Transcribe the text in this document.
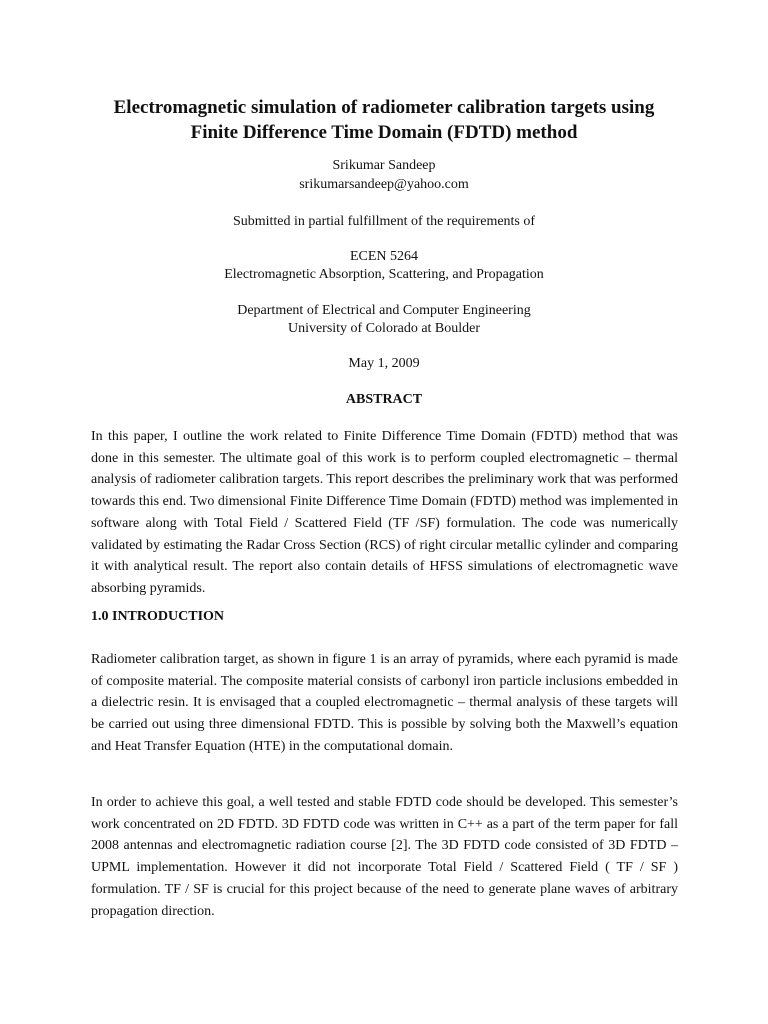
Electromagnetic simulation of radiometer calibration targets using
Finite Difference Time Domain (FDTD) method

Srikumar Sandeep

srikumarsandeep@yahoo.com

Submitted in partial fulfillment of the requirements of

ECEN 5264

Electromagnetic Absorption, Scattering, and Propagation

Department of Electrical and Computer Engineering

University of Colorado at Boulder

May 1, 2009

ABSTRACT

In this paper, I outline the work related to Finite Difference Time Domain (FDTD) method that was done in this semester. The ultimate goal of this work is to perform coupled electromagnetic – thermal analysis of radiometer calibration targets. This report describes the preliminary work that was performed towards this end. Two dimensional Finite Difference Time Domain (FDTD) method was implemented in software along with Total Field / Scattered Field (TF /SF) formulation. The code was numerically validated by estimating the Radar Cross Section (RCS) of right circular metallic cylinder and comparing it with analytical result. The report also contain details of HFSS simulations of electromagnetic wave absorbing pyramids.

1.0 INTRODUCTION

Radiometer calibration target, as shown in figure 1 is an array of pyramids, where each pyramid is made of composite material. The composite material consists of carbonyl iron particle inclusions embedded in a dielectric resin. It is envisaged that a coupled electromagnetic – thermal analysis of these targets will be carried out using three dimensional FDTD. This is possible by solving both the Maxwell’s equation and Heat Transfer Equation (HTE) in the computational domain.

In order to achieve this goal, a well tested and stable FDTD code should be developed. This semester’s work concentrated on 2D FDTD. 3D FDTD code was written in C++ as a part of the term paper for fall 2008 antennas and electromagnetic radiation course [2]. The 3D FDTD code consisted of 3D FDTD – UPML implementation. However it did not incorporate Total Field / Scattered Field ( TF / SF ) formulation. TF / SF is crucial for this project because of the need to generate plane waves of arbitrary propagation direction.
